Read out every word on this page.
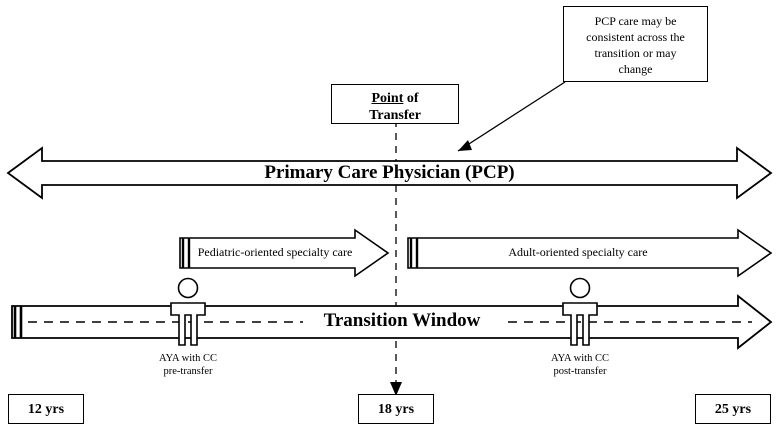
PCP care may be
consistent across the
transition or may
change
Point of
Transfer
Primary Care Physician (PCP)
Pediatric-oriented specialty care	Adult-oriented specialty care
Transition Window
AYA with CC
pre-transfer
AYA with CC
post-transfer
12 yrs	18 yrs	25 yrs
